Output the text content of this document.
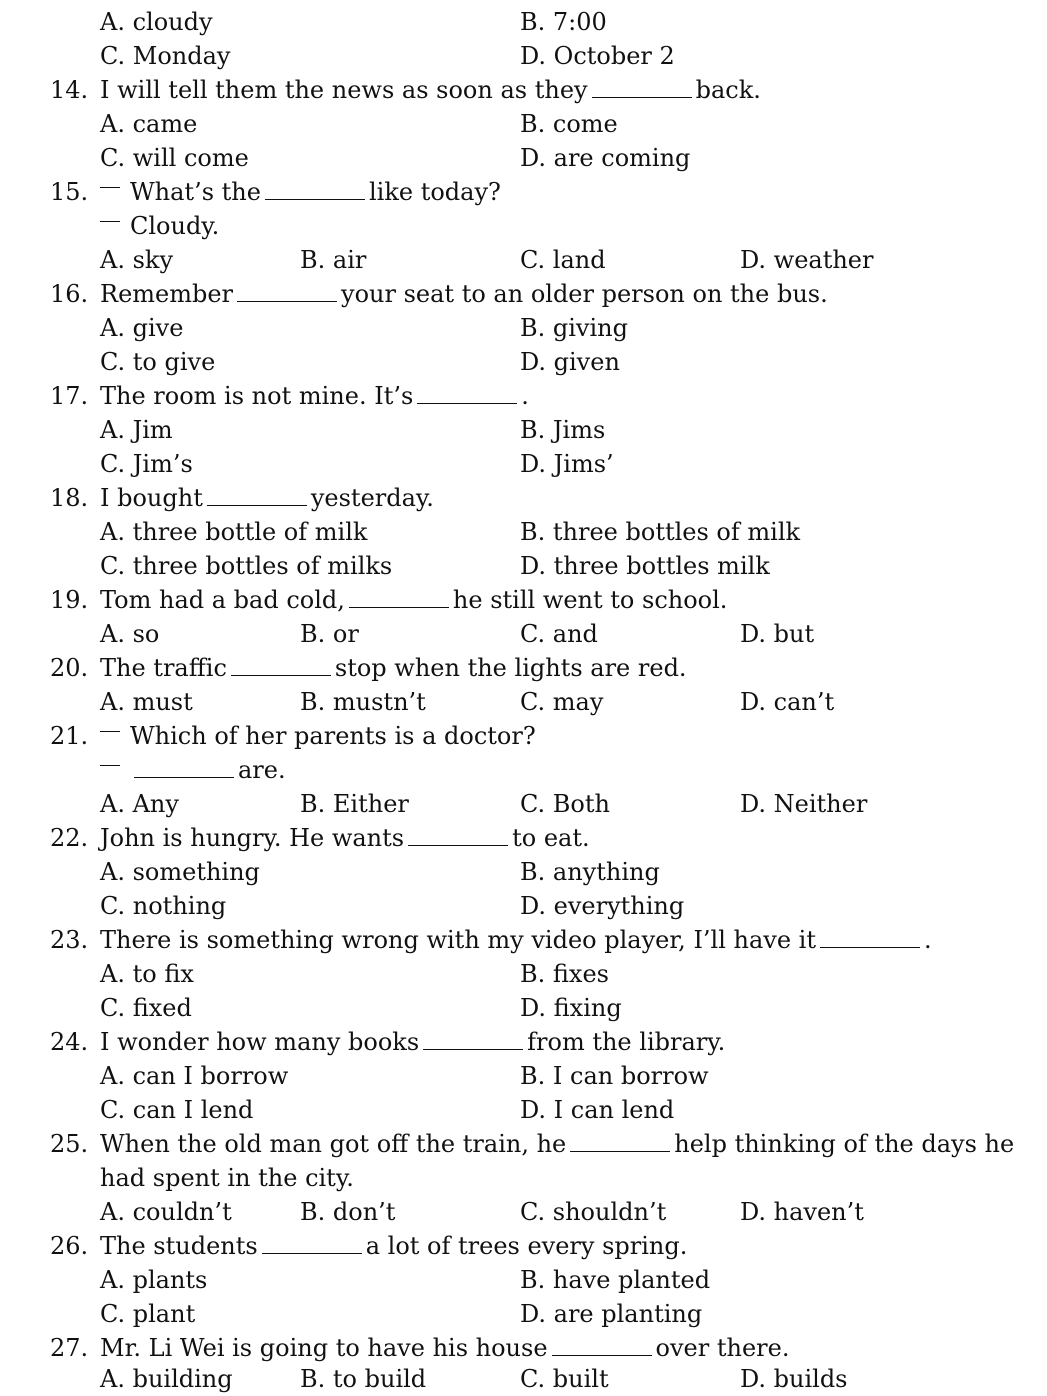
A. cloudy	B. 7:00
C. Monday	D. October 2
14. I will tell them the news as soon as they	back.
A. came	B. come
C. will come	D. are coming
15.	What’s the	like today?
Cloudy.
A. sky	B. air	C. land	D. weather
16. Remember	your seat to an older person on the bus.
A. give	B. giving
C. to give	D. given
17. The room is not mine. It’s	.
A. Jim	B. Jims
C. Jim’s	D. Jims’
18. I bought	yesterday.
A. three bottle of milk	B. three bottles of milk
C. three bottles of milks	D. three bottles milk
19. Tom had a bad cold,	he still went to school.
A. so	B. or	C. and	D. but
20. The traffic	stop when the lights are red.
A. must	B. mustn’t	C. may	D. can’t
21.	Which of her parents is a doctor?
are.
A. Any	B. Either	C. Both	D. Neither
22. John is hungry. He wants	to eat.
A. something	B. anything
C. nothing	D. everything
23. There is something wrong with my video player, I’ll have it	.
A. to fix	B. fixes
C. fixed	D. fixing
24. I wonder how many books	from the library.
A. can I borrow	B. I can borrow
C. can I lend	D. I can lend
25. When the old man got off the train, he	help thinking of the days he
had spent in the city.
A. couldn’t	B. don’t	C. shouldn’t	D. haven’t
26. The students	a lot of trees every spring.
A. plants	B. have planted
C. plant	D. are planting
27. Mr. Li Wei is going to have his house	over there.
A. building	B. to build	C. built	D. builds
